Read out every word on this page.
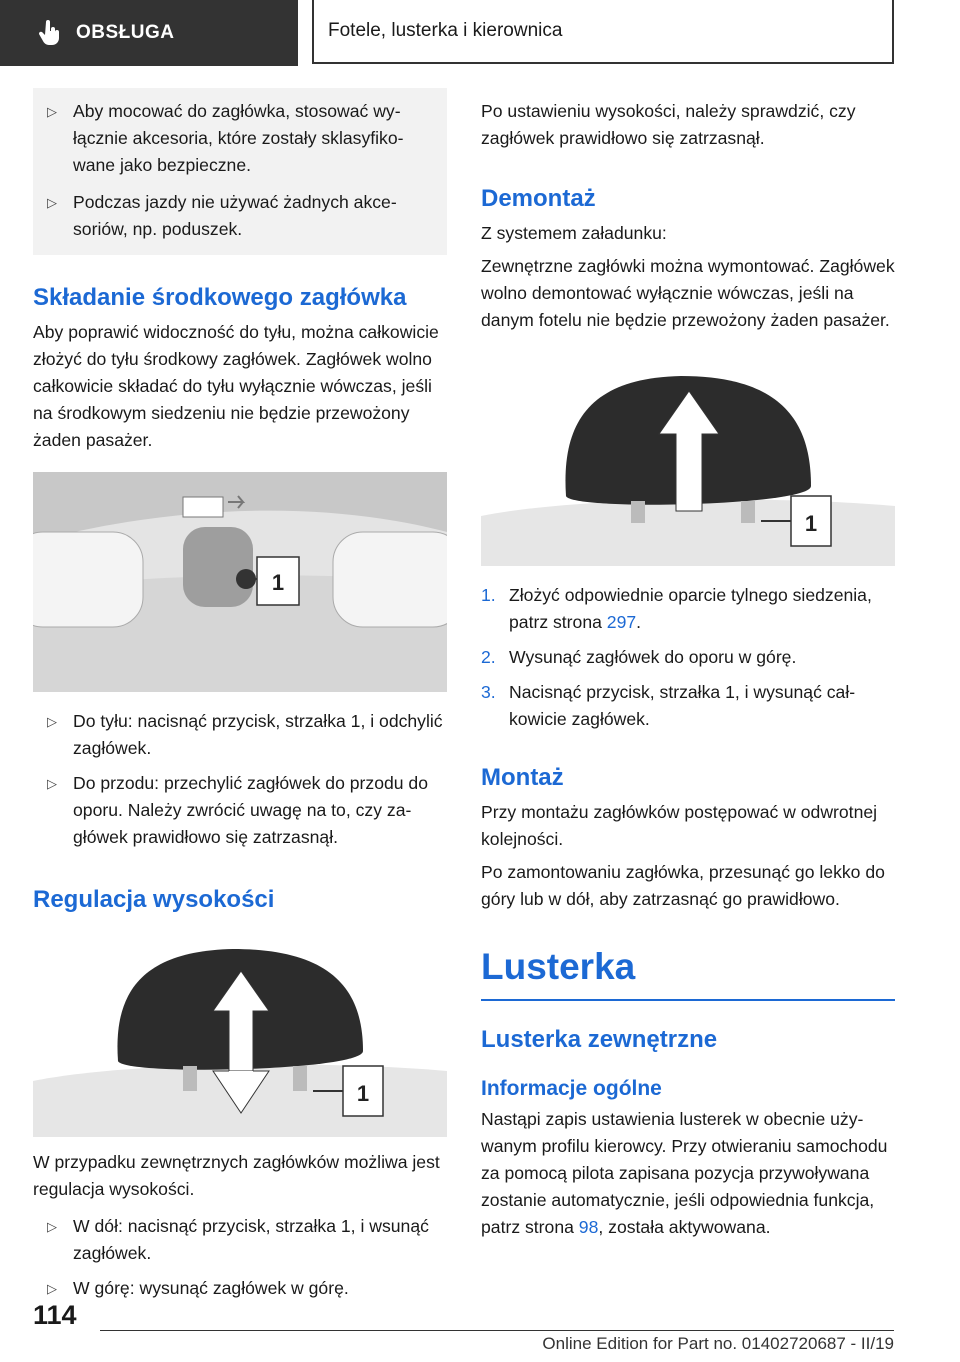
OBSŁUGA	Fotele, lusterka i kierownica
▷ Aby mocować do zagłówka, stosować wyłącznie akcesoria, które zostały sklasyfikowane jako bezpieczne.
▷ Podczas jazdy nie używać żadnych akcesoriów, np. poduszek.
Składanie środkowego zagłówka

Aby poprawić widoczność do tyłu, można całkowicie złożyć do tyłu środkowy zagłówek. Zagłówek wolno całkowicie składać do tyłu wyłącznie wówczas, jeśli na środkowym siedzeniu nie będzie przewożony żaden pasażer.

1
▷ Do tyłu: nacisnąć przycisk, strzałka 1, i odchylić zagłówek.
▷ Do przodu: przechylić zagłówek do przodu do oporu. Należy zwrócić uwagę na to, czy zagłówek prawidłowo się zatrzasnął.
Regulacja wysokości
1

W przypadku zewnętrznych zagłówków możliwa jest regulacja wysokości.

▷ W dół: nacisnąć przycisk, strzałka 1, i wsunąć zagłówek.
▷ W górę: wysunąć zagłówek w górę.

Po ustawieniu wysokości, należy sprawdzić, czy zagłówek prawidłowo się zatrzasnął.

Demontaż

Z systemem załadunku:

Zewnętrzne zagłówki można wymontować. Zagłówek wolno demontować wyłącznie wówczas, jeśli na danym fotelu nie będzie przewożony żaden pasażer.

1
1. Złożyć odpowiednie oparcie tylnego siedzenia, patrz strona 297.
2. Wysunąć zagłówek do oporu w górę.
3. Nacisnąć przycisk, strzałka 1, i wysunąć całkowicie zagłówek.
Montaż

Przy montażu zagłówków postępować w odwrotnej kolejności.

Po zamontowaniu zagłówka, przesunąć go lekko do góry lub w dół, aby zatrzasnąć go prawidłowo.

Lusterka
Lusterka zewnętrzne
Informacje ogólne

Nastąpi zapis ustawienia lusterek w obecnie używanym profilu kierowcy. Przy otwieraniu samochodu za pomocą pilota zapisana pozycja przywoływana zostanie automatycznie, jeśli odpowiednia funkcja, patrz strona 98, została aktywowana.

114
Online Edition for Part no. 01402720687 - II/19
